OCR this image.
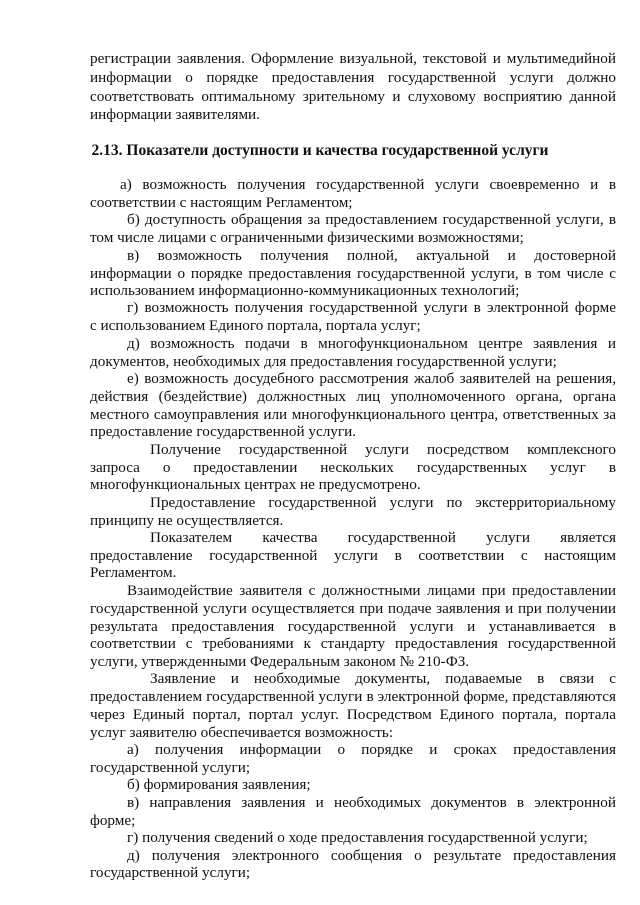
регистрации заявления. Оформление визуальной, текстовой и мультимедийной
информации о порядке предоставления государственной услуги должно
соответствовать оптимальному зрительному и слуховому восприятию данной
информации заявителями.
2.13. Показатели доступности и качества государственной услуги
а) возможность получения государственной услуги своевременно и в
соответствии с настоящим Регламентом;
б) доступность обращения за предоставлением государственной услуги, в
том числе лицами с ограниченными физическими возможностями;
в) возможность получения полной, актуальной и достоверной
информации о порядке предоставления государственной услуги, в том числе с
использованием информационно-коммуникационных технологий;
г) возможность получения государственной услуги в электронной форме
с использованием Единого портала, портала услуг;
д) возможность подачи в многофункциональном центре заявления и
документов, необходимых для предоставления государственной услуги;
е) возможность досудебного рассмотрения жалоб заявителей на решения,
действия (бездействие) должностных лиц уполномоченного органа, органа
местного самоуправления или многофункционального центра, ответственных за
предоставление государственной услуги.
Получение государственной услуги посредством комплексного
запроса о предоставлении нескольких государственных услуг в
многофункциональных центрах не предусмотрено.
Предоставление государственной услуги по экстерриториальному
принципу не осуществляется.
Показателем качества государственной услуги является
предоставление государственной услуги в соответствии с настоящим
Регламентом.
Взаимодействие заявителя с должностными лицами при предоставлении
государственной услуги осуществляется при подаче заявления и при получении
результата предоставления государственной услуги и устанавливается в
соответствии с требованиями к стандарту предоставления государственной
услуги, утвержденными Федеральным законом № 210-ФЗ.
Заявление и необходимые документы, подаваемые в связи с
предоставлением государственной услуги в электронной форме, представляются
через Единый портал, портал услуг. Посредством Единого портала, портала
услуг заявителю обеспечивается возможность:
а) получения информации о порядке и сроках предоставления
государственной услуги;
б) формирования заявления;
в) направления заявления и необходимых документов в электронной
форме;
г) получения сведений о ходе предоставления государственной услуги;
д) получения электронного сообщения о результате предоставления
государственной услуги;
